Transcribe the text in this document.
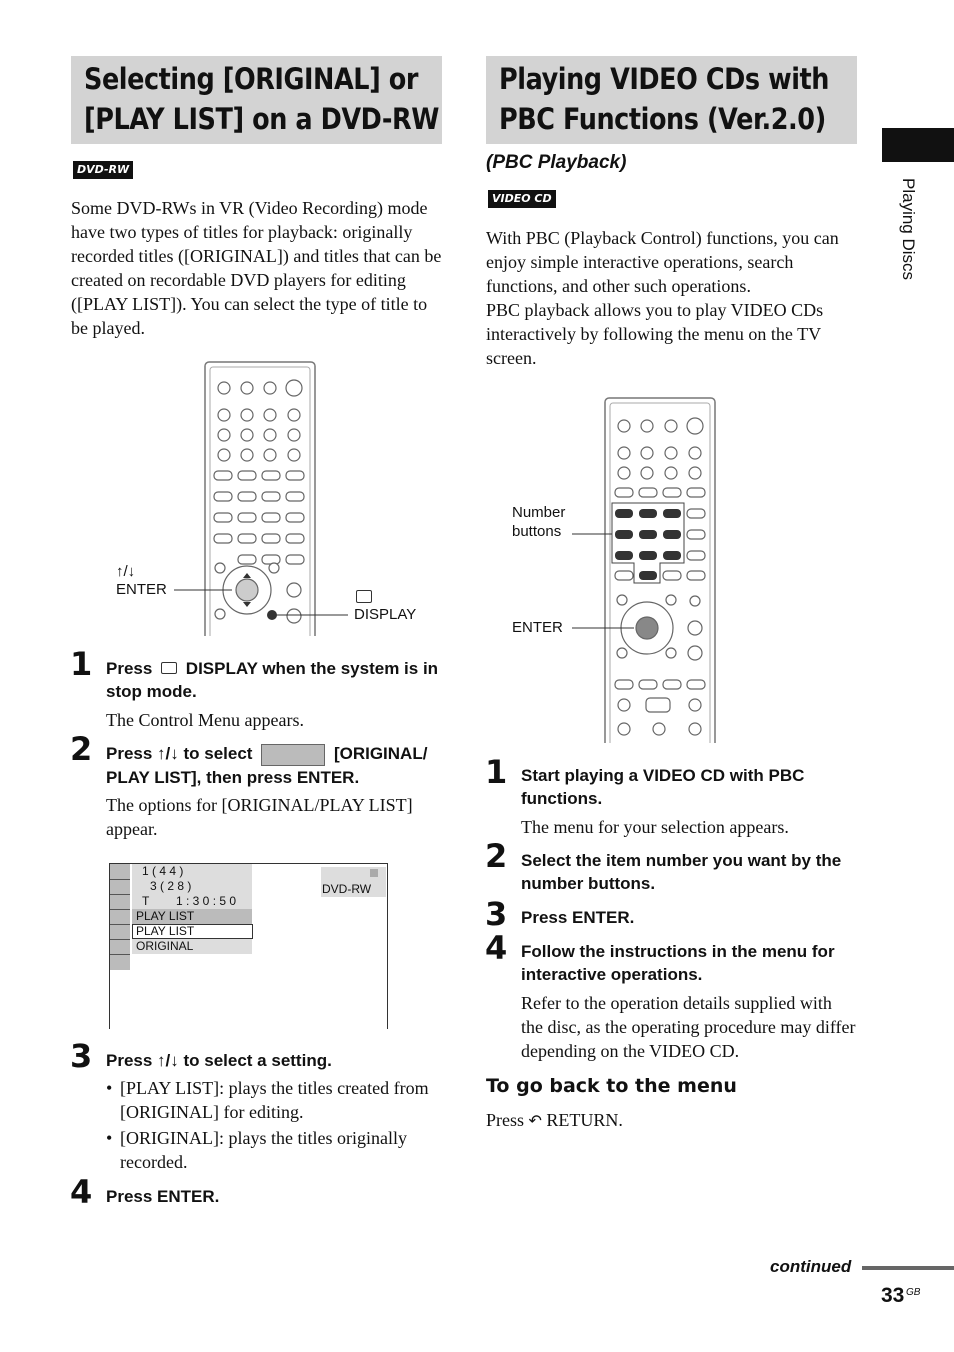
Selecting [ORIGINAL] or
[PLAY LIST] on a DVD-RW
DVD-RW
Some DVD-RWs in VR (Video Recording) mode have two types of titles for playback: originally recorded titles ([ORIGINAL]) and titles that can be created on recordable DVD players for editing ([PLAY LIST]). You can select the type of title to be played.
↑/↓
ENTER
DISPLAY
1 Press DISPLAY when the system is in stop mode.
The Control Menu appears.
2 Press ↑/↓ to select	[ORIGINAL/ PLAY LIST], then press ENTER.
The options for [ORIGINAL/PLAY LIST] appear.
1 ( 4 4 )
3 ( 2 8 )
T 1 : 3 0 : 5 0
PLAY LIST
PLAY LIST
ORIGINAL
DVD-RW
3 Press ↑/↓ to select a setting.
• [PLAY LIST]: plays the titles created from [ORIGINAL] for editing.
• [ORIGINAL]: plays the titles originally recorded.
4 Press ENTER.
Playing VIDEO CDs with
PBC Functions (Ver.2.0)
(PBC Playback)
VIDEO CD
With PBC (Playback Control) functions, you can enjoy simple interactive operations, search functions, and other such operations.
PBC playback allows you to play VIDEO CDs interactively by following the menu on the TV screen.
Number
buttons
ENTER
1 Start playing a VIDEO CD with PBC functions.
The menu for your selection appears.
2 Select the item number you want by the number buttons.
3 Press ENTER.
4 Follow the instructions in the menu for interactive operations.
Refer to the operation details supplied with the disc, as the operating procedure may differ depending on the VIDEO CD.
To go back to the menu
Press ↶ RETURN.
Playing Discs
continued
33 GB
